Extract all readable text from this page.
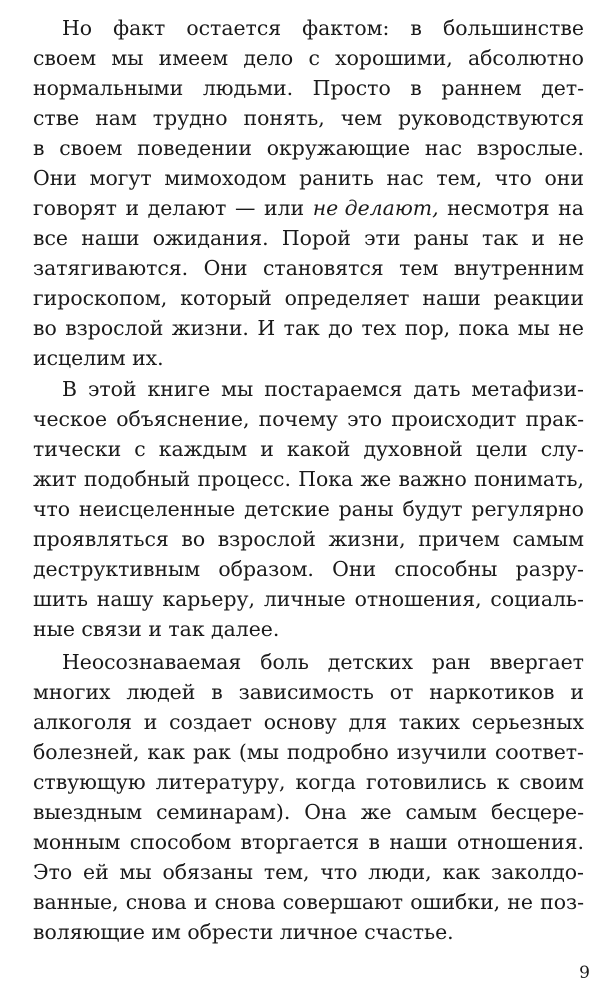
Но факт остается фактом: в большинстве
своем мы имеем дело с хорошими, абсолютно
нормальными людьми. Просто в раннем дет-
стве нам трудно понять, чем руководствуются
в своем поведении окружающие нас взрослые.
Они могут мимоходом ранить нас тем, что они
говорят и делают — или не делают, несмотря на
все наши ожидания. Порой эти раны так и не
затягиваются. Они становятся тем внутренним
гироскопом, который определяет наши реакции
во взрослой жизни. И так до тех пор, пока мы не
исцелим их.
В этой книге мы постараемся дать метафизи-
ческое объяснение, почему это происходит прак-
тически с каждым и какой духовной цели слу-
жит подобный процесс. Пока же важно понимать,
что неисцеленные детские раны будут регулярно
проявляться во взрослой жизни, причем самым
деструктивным образом. Они способны разру-
шить нашу карьеру, личные отношения, социаль-
ные связи и так далее.
Неосознаваемая боль детских ран ввергает
многих людей в зависимость от наркотиков и
алкоголя и создает основу для таких серьезных
болезней, как рак (мы подробно изучили соответ-
ствующую литературу, когда готовились к своим
выездным семинарам). Она же самым бесцере-
монным способом вторгается в наши отношения.
Это ей мы обязаны тем, что люди, как заколдо-
ванные, снова и снова совершают ошибки, не поз-
воляющие им обрести личное счастье.
9
